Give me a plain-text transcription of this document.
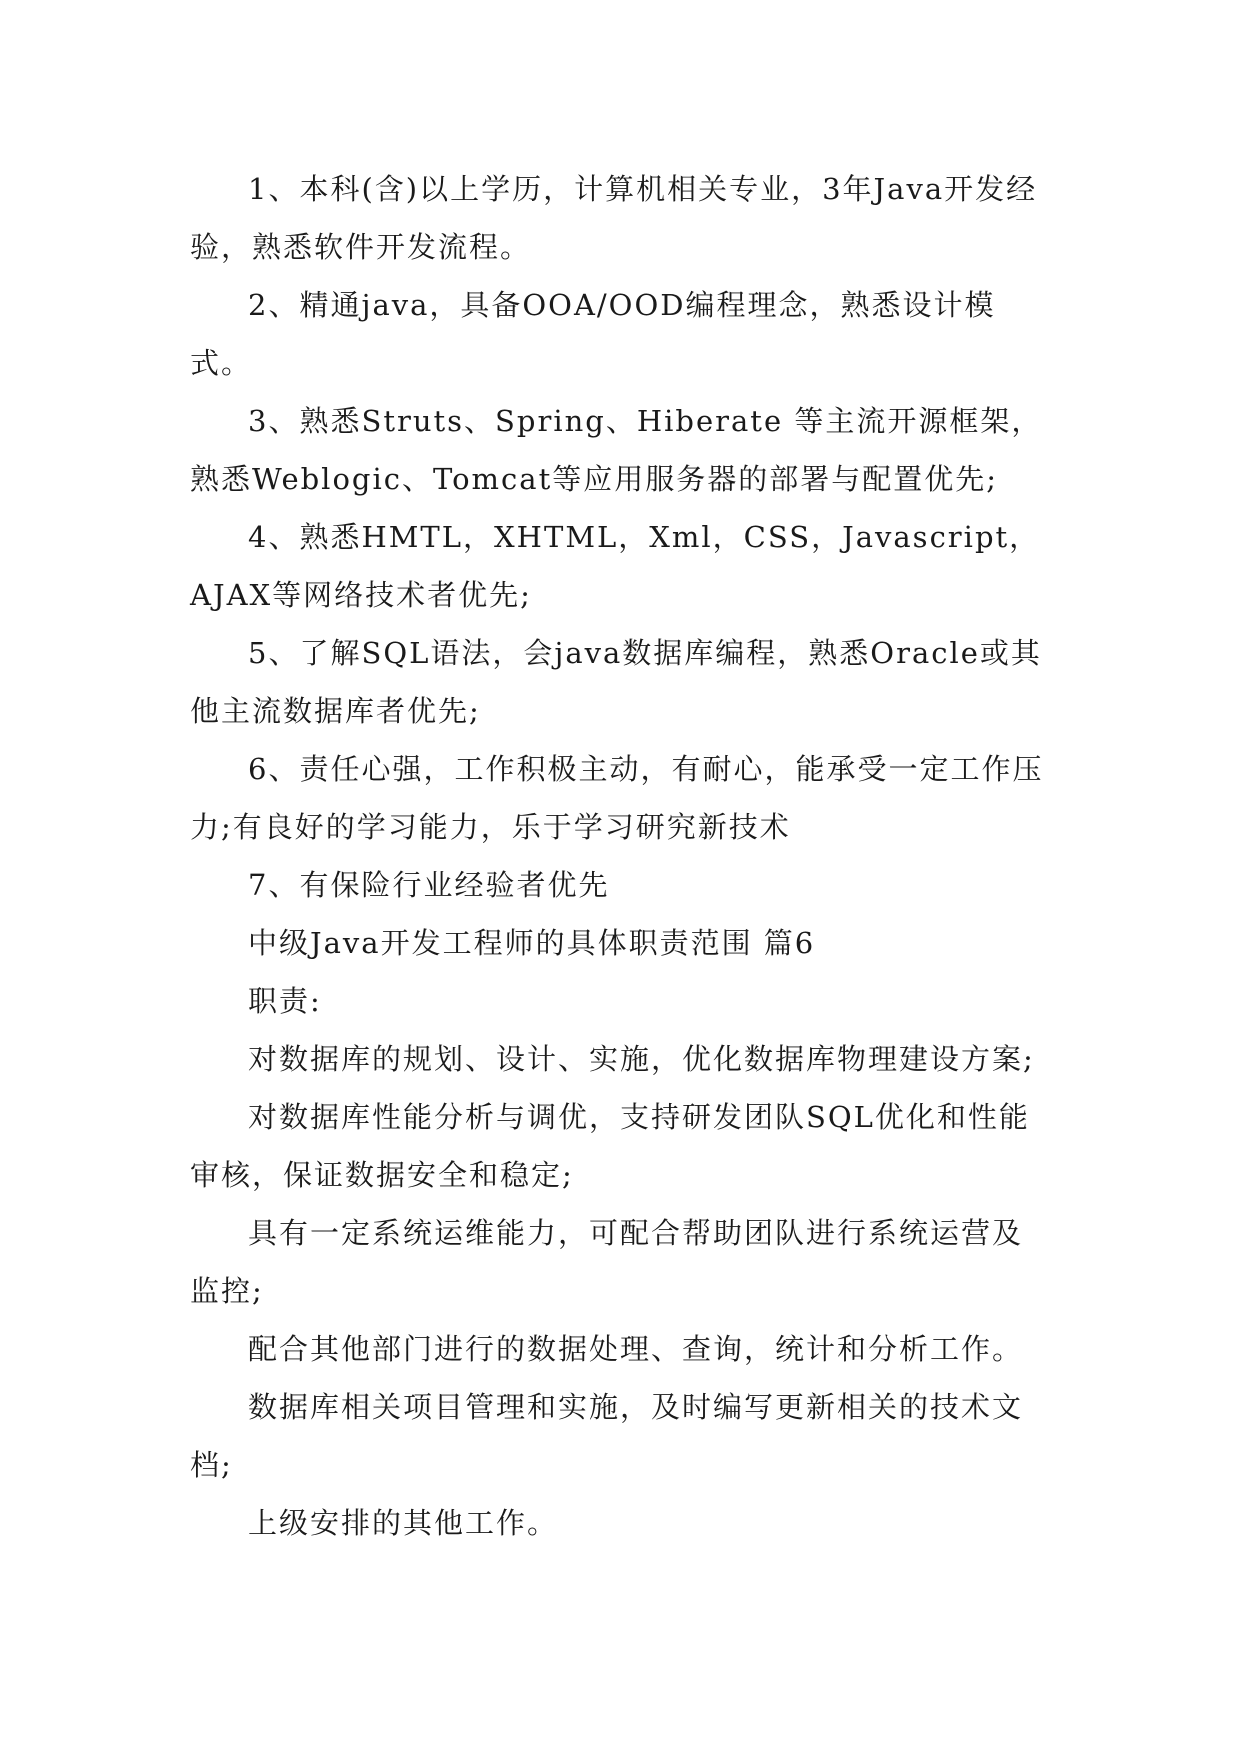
1、本科(含)以上学历，计算机相关专业，3年Java开发经验，熟悉软件开发流程。

2、精通java，具备OOA/OOD编程理念，熟悉设计模式。

3、熟悉Struts、Spring、Hiberate 等主流开源框架，熟悉Weblogic、Tomcat等应用服务器的部署与配置优先;

4、熟悉HMTL，XHTML，Xml，CSS，Javascript，AJAX等网络技术者优先;

5、了解SQL语法，会java数据库编程，熟悉Oracle或其他主流数据库者优先;

6、责任心强，工作积极主动，有耐心，能承受一定工作压力;有良好的学习能力，乐于学习研究新技术

7、有保险行业经验者优先

中级Java开发工程师的具体职责范围 篇6

职责:

对数据库的规划、设计、实施，优化数据库物理建设方案;

对数据库性能分析与调优，支持研发团队SQL优化和性能审核，保证数据安全和稳定;

具有一定系统运维能力，可配合帮助团队进行系统运营及监控;

配合其他部门进行的数据处理、查询，统计和分析工作。

数据库相关项目管理和实施，及时编写更新相关的技术文档;

上级安排的其他工作。
